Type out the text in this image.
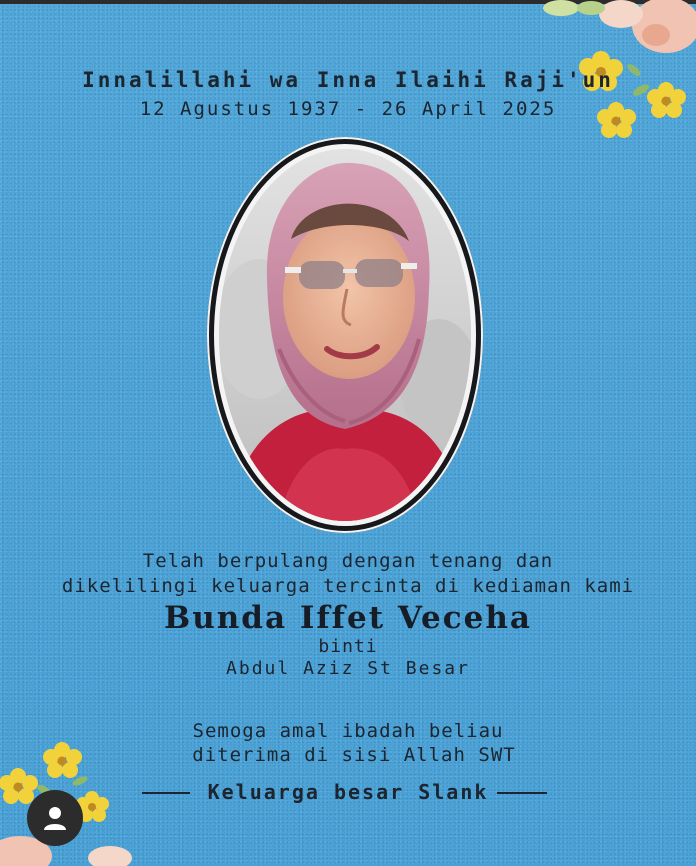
Innalillahi wa Inna Ilaihi Raji'un

12 Agustus 1937 - 26 April 2025

Telah berpulang dengan tenang dan

dikelilingi keluarga tercinta di kediaman kami

Bunda Iffet Veceha

binti

Abdul Aziz St Besar

Semoga amal ibadah beliau

diterima di sisi Allah SWT

Keluarga besar Slank
